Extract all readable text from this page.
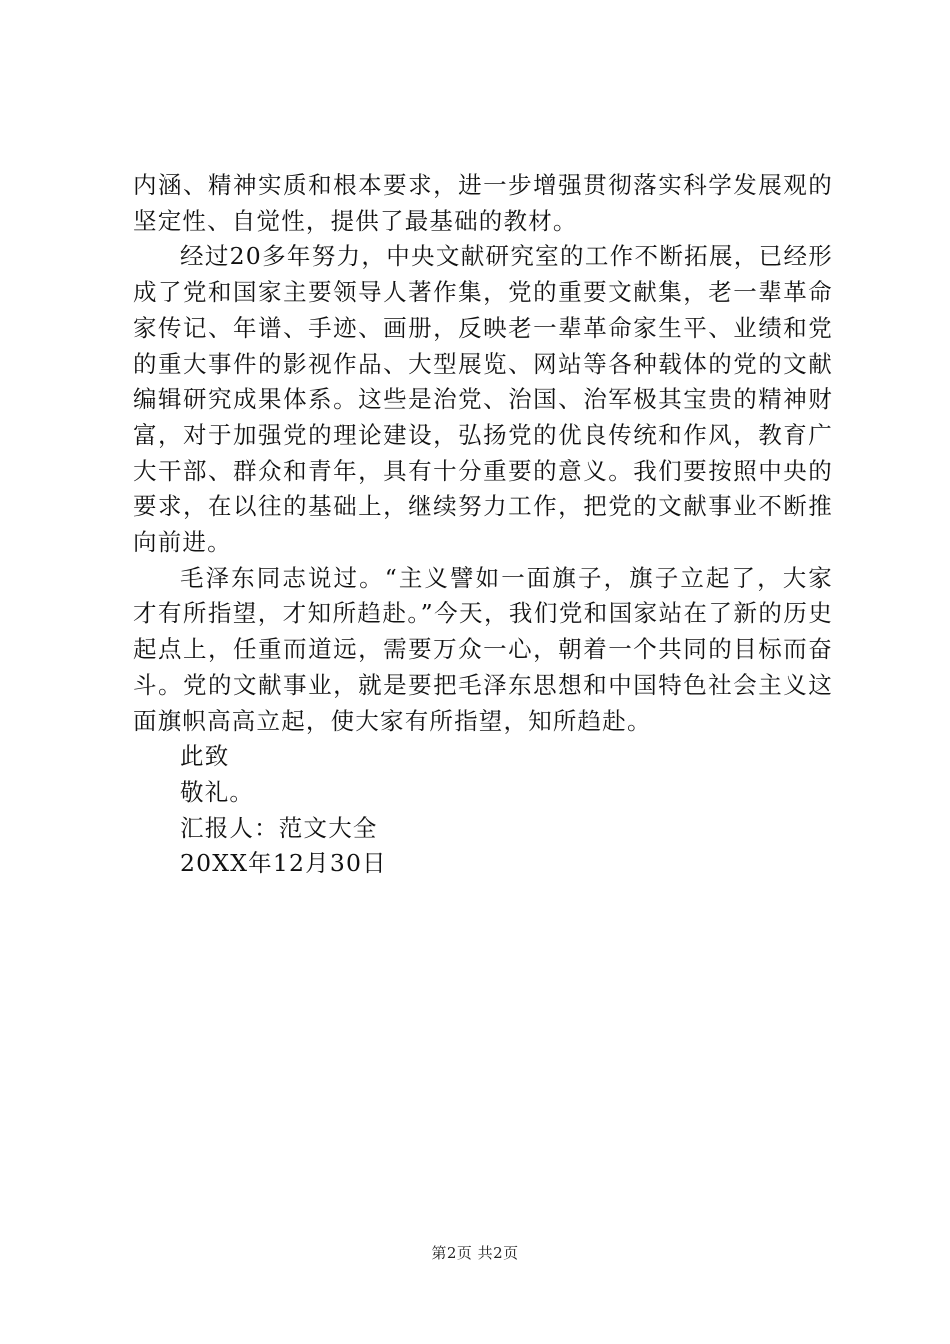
内涵、精神实质和根本要求，进一步增强贯彻落实科学发展观的坚定性、自觉性，提供了最基础的教材。

经过20多年努力，中央文献研究室的工作不断拓展，已经形成了党和国家主要领导人著作集，党的重要文献集，老一辈革命家传记、年谱、手迹、画册，反映老一辈革命家生平、业绩和党的重大事件的影视作品、大型展览、网站等各种载体的党的文献编辑研究成果体系。这些是治党、治国、治军极其宝贵的精神财富，对于加强党的理论建设，弘扬党的优良传统和作风，教育广大干部、群众和青年，具有十分重要的意义。我们要按照中央的要求，在以往的基础上，继续努力工作，把党的文献事业不断推向前进。

毛泽东同志说过。“主义譬如一面旗子，旗子立起了，大家才有所指望，才知所趋赴。”今天，我们党和国家站在了新的历史起点上，任重而道远，需要万众一心，朝着一个共同的目标而奋斗。党的文献事业，就是要把毛泽东思想和中国特色社会主义这面旗帜高高立起，使大家有所指望，知所趋赴。

此致

敬礼。

汇报人：范文大全

20XX年12月30日

第2页 共2页
